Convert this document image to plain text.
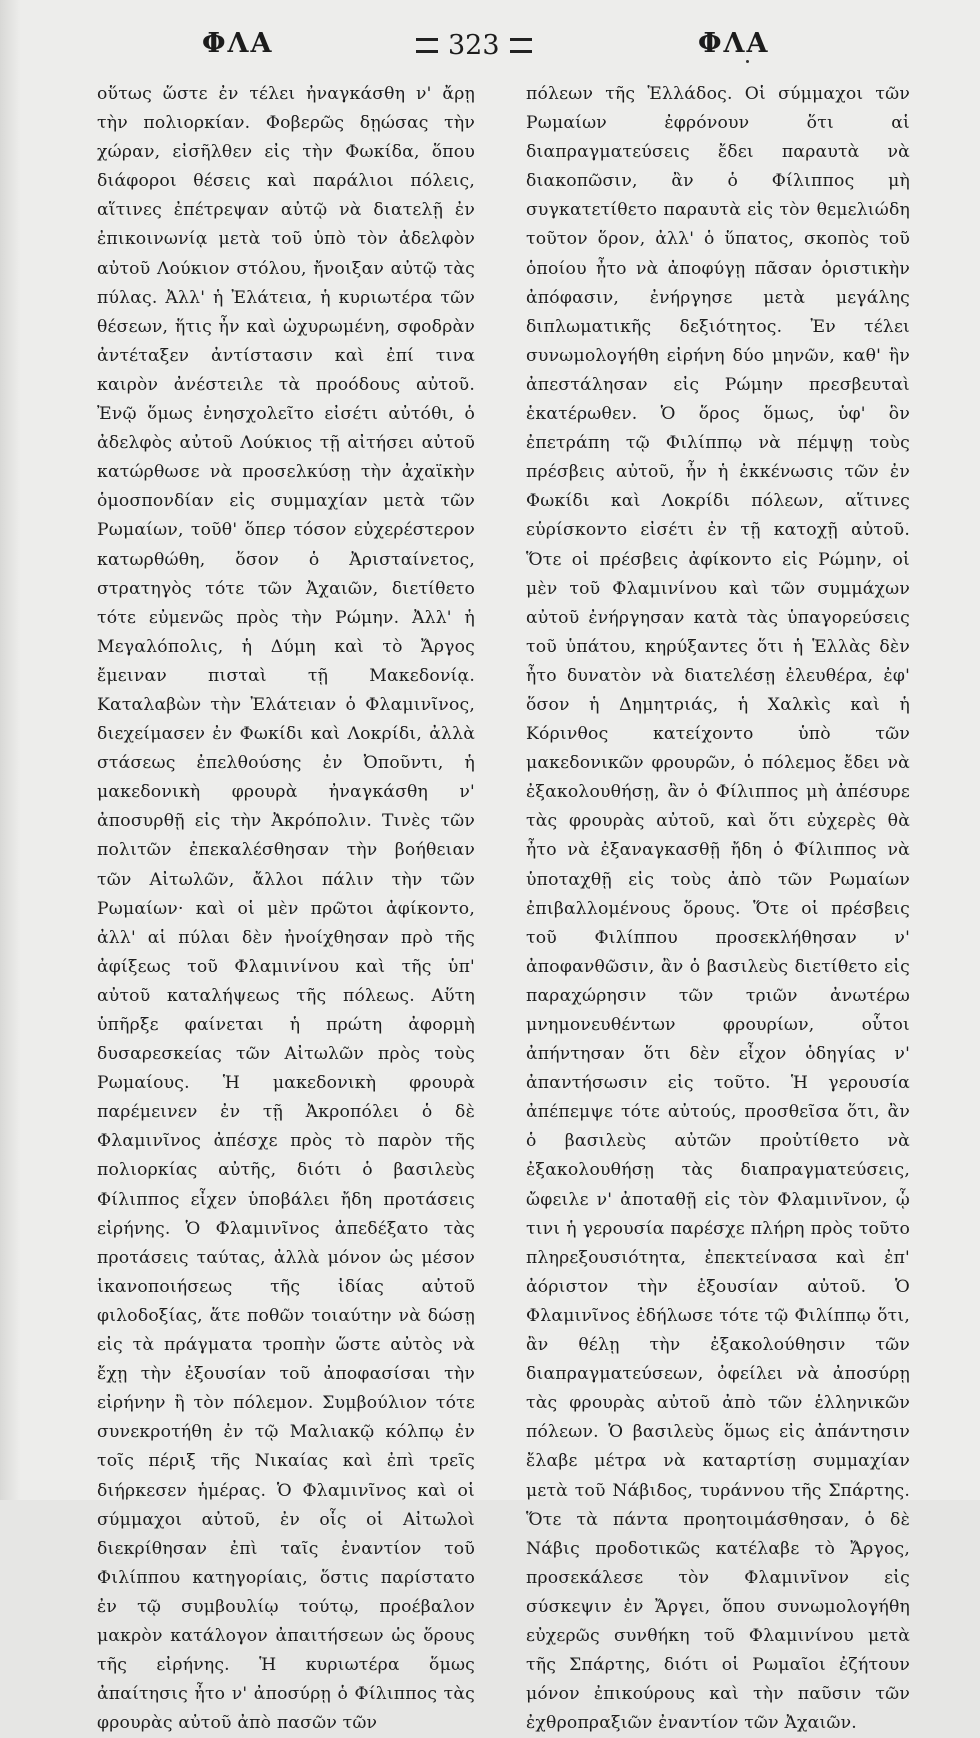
ΦΛΑ	323	ΦΛΑ

οὕτως ὥστε ἐν τέλει ἠναγκάσθη ν' ἄρῃ τὴν πολιορκίαν. Φοβερῶς δῃώσας τὴν χώραν, εἰσῆλθεν εἰς τὴν Φωκίδα, ὅπου διάφοροι θέσεις καὶ παράλιοι πόλεις, αἵτινες ἐπέτρεψαν αὐτῷ νὰ διατελῇ ἐν ἐπικοινωνίᾳ μετὰ τοῦ ὑπὸ τὸν ἀδελφὸν αὐτοῦ Λούκιον στόλου, ἤνοιξαν αὐτῷ τὰς πύλας. Ἀλλ' ἡ Ἐλάτεια, ἡ κυριωτέρα τῶν θέσεων, ἥτις ἦν καὶ ὠχυρωμένη, σφοδρὰν ἀντέταξεν ἀντίστασιν καὶ ἐπί τινα καιρὸν ἀνέστειλε τὰ προόδους αὐτοῦ. Ἐνῷ ὅμως ἐνησχολεῖτο εἰσέτι αὐτόθι, ὁ ἀδελφὸς αὐτοῦ Λούκιος τῇ αἰτήσει αὐτοῦ κατώρθωσε νὰ προσελκύσῃ τὴν ἀχαϊκὴν ὁμοσπονδίαν εἰς συμμαχίαν μετὰ τῶν Ρωμαίων, τοῦθ' ὅπερ τόσον εὐχερέστερον κατωρθώθη, ὅσον ὁ Ἀρισταίνετος, στρατηγὸς τότε τῶν Ἀχαιῶν, διετίθετο τότε εὐμενῶς πρὸς τὴν Ρώμην. Ἀλλ' ἡ Μεγαλόπολις, ἡ Δύμη καὶ τὸ Ἄργος ἔμειναν πισταὶ τῇ Μακεδονίᾳ. Καταλαβὼν τὴν Ἐλάτειαν ὁ Φλαμινῖνος, διεχείμασεν ἐν Φωκίδι καὶ Λοκρίδι, ἀλλὰ στάσεως ἐπελθούσης ἐν Ὀποῦντι, ἡ μακεδονικὴ φρουρὰ ἠναγκάσθη ν' ἀποσυρθῇ εἰς τὴν Ἀκρόπολιν. Τινὲς τῶν πολιτῶν ἐπεκαλέσθησαν τὴν βοήθειαν τῶν Αἰτωλῶν, ἄλλοι πάλιν τὴν τῶν Ρωμαίων· καὶ οἱ μὲν πρῶτοι ἀφίκοντο, ἀλλ' αἱ πύλαι δὲν ἠνοίχθησαν πρὸ τῆς ἀφίξεως τοῦ Φλαμινίνου καὶ τῆς ὑπ' αὐτοῦ καταλήψεως τῆς πόλεως. Αὕτη ὑπῆρξε φαίνεται ἡ πρώτη ἀφορμὴ δυσαρεσκείας τῶν Αἰτωλῶν πρὸς τοὺς Ρωμαίους. Ἡ μακεδονικὴ φρουρὰ παρέμεινεν ἐν τῇ Ἀκροπόλει ὁ δὲ Φλαμινῖνος ἀπέσχε πρὸς τὸ παρὸν τῆς πολιορκίας αὐτῆς, διότι ὁ βασιλεὺς Φίλιππος εἶχεν ὑποβάλει ἤδη προτάσεις εἰρήνης. Ὁ Φλαμινῖνος ἀπεδέξατο τὰς προτάσεις ταύτας, ἀλλὰ μόνον ὡς μέσον ἱκανοποιήσεως τῆς ἰδίας αὐτοῦ φιλοδοξίας, ἅτε ποθῶν τοιαύτην νὰ δώσῃ εἰς τὰ πράγματα τροπὴν ὥστε αὐτὸς νὰ ἔχῃ τὴν ἐξουσίαν τοῦ ἀποφασίσαι τὴν εἰρήνην ἢ τὸν πόλεμον. Συμβούλιον τότε συνεκροτήθη ἐν τῷ Μαλιακῷ κόλπῳ ἐν τοῖς πέριξ τῆς Νικαίας καὶ ἐπὶ τρεῖς διήρκεσεν ἡμέρας. Ὁ Φλαμινῖνος καὶ οἱ σύμμαχοι αὐτοῦ, ἐν οἷς οἱ Αἰτωλοὶ διεκρίθησαν ἐπὶ ταῖς ἐναντίον τοῦ Φιλίππου κατηγορίαις, ὅστις παρίστατο ἐν τῷ συμβουλίῳ τούτῳ, προέβαλον μακρὸν κατάλογον ἀπαιτήσεων ὡς ὅρους τῆς εἰρήνης. Ἡ κυριωτέρα ὅμως ἀπαίτησις ἦτο ν' ἀποσύρῃ ὁ Φίλιππος τὰς φρουρὰς αὐτοῦ ἀπὸ πασῶν τῶν

πόλεων τῆς Ἑλλάδος. Οἱ σύμμαχοι τῶν Ρωμαίων ἐφρόνουν ὅτι αἱ διαπραγματεύσεις ἔδει παραυτὰ νὰ διακοπῶσιν, ἂν ὁ Φίλιππος μὴ συγκατετίθετο παραυτὰ εἰς τὸν θεμελιώδη τοῦτον ὅρον, ἀλλ' ὁ ὕπατος, σκοπὸς τοῦ ὁποίου ἦτο νὰ ἀποφύγῃ πᾶσαν ὁριστικὴν ἀπόφασιν, ἐνήργησε μετὰ μεγάλης διπλωματικῆς δεξιότητος. Ἐν τέλει συνωμολογήθη εἰρήνη δύο μηνῶν, καθ' ἣν ἀπεστάλησαν εἰς Ρώμην πρεσβευταὶ ἑκατέρωθεν. Ὁ ὅρος ὅμως, ὑφ' ὃν ἐπετράπη τῷ Φιλίππῳ νὰ πέμψῃ τοὺς πρέσβεις αὐτοῦ, ἦν ἡ ἐκκένωσις τῶν ἐν Φωκίδι καὶ Λοκρίδι πόλεων, αἵτινες εὑρίσκοντο εἰσέτι ἐν τῇ κατοχῇ αὐτοῦ. Ὅτε οἱ πρέσβεις ἀφίκοντο εἰς Ρώμην, οἱ μὲν τοῦ Φλαμινίνου καὶ τῶν συμμάχων αὐτοῦ ἐνήργησαν κατὰ τὰς ὑπαγορεύσεις τοῦ ὑπάτου, κηρύξαντες ὅτι ἡ Ἑλλὰς δὲν ἦτο δυνατὸν νὰ διατελέσῃ ἐλευθέρα, ἐφ' ὅσον ἡ Δημητριάς, ἡ Χαλκὶς καὶ ἡ Κόρινθος κατείχοντο ὑπὸ τῶν μακεδονικῶν φρουρῶν, ὁ πόλεμος ἔδει νὰ ἐξακολουθήσῃ, ἂν ὁ Φίλιππος μὴ ἀπέσυρε τὰς φρουρὰς αὐτοῦ, καὶ ὅτι εὐχερὲς θὰ ἦτο νὰ ἐξαναγκασθῇ ἤδη ὁ Φίλιππος νὰ ὑποταχθῇ εἰς τοὺς ἀπὸ τῶν Ρωμαίων ἐπιβαλλομένους ὅρους. Ὅτε οἱ πρέσβεις τοῦ Φιλίππου προσεκλήθησαν ν' ἀποφανθῶσιν, ἂν ὁ βασιλεὺς διετίθετο εἰς παραχώρησιν τῶν τριῶν ἀνωτέρω μνημονευθέντων φρουρίων, οὗτοι ἀπήντησαν ὅτι δὲν εἶχον ὁδηγίας ν' ἀπαντήσωσιν εἰς τοῦτο. Ἡ γερουσία ἀπέπεμψε τότε αὐτούς, προσθεῖσα ὅτι, ἂν ὁ βασιλεὺς αὐτῶν προὐτίθετο νὰ ἐξακολουθήσῃ τὰς διαπραγματεύσεις, ὤφειλε ν' ἀποταθῇ εἰς τὸν Φλαμινῖνον, ᾧ τινι ἡ γερουσία παρέσχε πλήρη πρὸς τοῦτο πληρεξουσιότητα, ἐπεκτείνασα καὶ ἐπ' ἀόριστον τὴν ἐξουσίαν αὐτοῦ. Ὁ Φλαμινῖνος ἐδήλωσε τότε τῷ Φιλίππῳ ὅτι, ἂν θέλῃ τὴν ἐξακολούθησιν τῶν διαπραγματεύσεων, ὀφείλει νὰ ἀποσύρῃ τὰς φρουρὰς αὐτοῦ ἀπὸ τῶν ἑλληνικῶν πόλεων. Ὁ βασιλεὺς ὅμως εἰς ἀπάντησιν ἔλαβε μέτρα νὰ καταρτίσῃ συμμαχίαν μετὰ τοῦ Νάβιδος, τυράννου τῆς Σπάρτης. Ὅτε τὰ πάντα προητοιμάσθησαν, ὁ δὲ Νάβις προδοτικῶς κατέλαβε τὸ Ἄργος, προσεκάλεσε τὸν Φλαμινῖνον εἰς σύσκεψιν ἐν Ἄργει, ὅπου συνωμολογήθη εὐχερῶς συνθήκη τοῦ Φλαμινίνου μετὰ τῆς Σπάρτης, διότι οἱ Ρωμαῖοι ἐζήτουν μόνον ἐπικούρους καὶ τὴν παῦσιν τῶν ἐχθροπραξιῶν ἐναντίον τῶν Ἀχαιῶν.
